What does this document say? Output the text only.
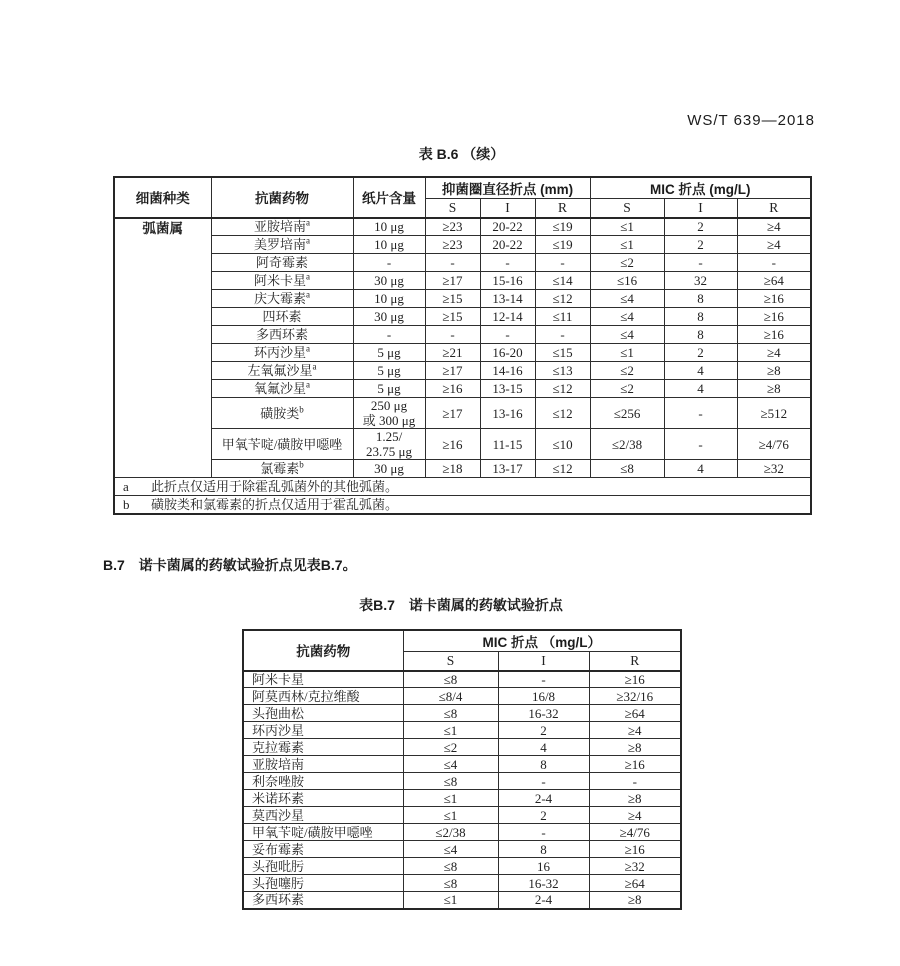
WS/T 639—2018
表 B.6 （续）
细菌种类	抗菌药物	纸片含量	抑菌圈直径折点 (mm)			MIC 折点 (mg/L)		
			S	I	R	S	I	R
弧菌属	亚胺培南$^a$	10 μg	≥23	20-22	≤19	≤1	2	≥4
	美罗培南$^a$	10 μg	≥23	20-22	≤19	≤1	2	≥4
	阿奇霉素	-	-	-	-	≤2	-	-
	阿米卡星$^a$	30 μg	≥17	15-16	≤14	≤16	32	≥64
	庆大霉素$^a$	10 μg	≥15	13-14	≤12	≤4	8	≥16
	四环素	30 μg	≥15	12-14	≤11	≤4	8	≥16
	多西环素	-	-	-	-	≤4	8	≥16
	环丙沙星$^a$	5 μg	≥21	16-20	≤15	≤1	2	≥4
	左氧氟沙星$^a$	5 μg	≥17	14-16	≤13	≤2	4	≥8
	氧氟沙星$^a$	5 μg	≥16	13-15	≤12	≤2	4	≥8
	磺胺类$^b$	250 μg
或 300 μg	≥17	13-16	≤12	≤256	-	≥512
	甲氧苄啶/磺胺甲噁唑	1.25/
23.75 μg	≥16	11-15	≤10	≤2/38	-	≥4/76
	氯霉素$^b$	30 μg	≥18	13-17	≤12	≤8	4	≥32
a 此折点仅适用于除霍乱弧菌外的其他弧菌。								
b 磺胺类和氯霉素的折点仅适用于霍乱弧菌。								
B.7　诺卡菌属的药敏试验折点见表B.7。
表B.7　诺卡菌属的药敏试验折点
抗菌药物	MIC 折点 （mg/L）		
	S	I	R
阿米卡星	≤8	-	≥16
阿莫西林/克拉维酸	≤8/4	16/8	≥32/16
头孢曲松	≤8	16-32	≥64
环丙沙星	≤1	2	≥4
克拉霉素	≤2	4	≥8
亚胺培南	≤4	8	≥16
利奈唑胺	≤8	-	-
米诺环素	≤1	2-4	≥8
莫西沙星	≤1	2	≥4
甲氧苄啶/磺胺甲噁唑	≤2/38	-	≥4/76
妥布霉素	≤4	8	≥16
头孢吡肟	≤8	16	≥32
头孢噻肟	≤8	16-32	≥64
多西环素	≤1	2-4	≥8
